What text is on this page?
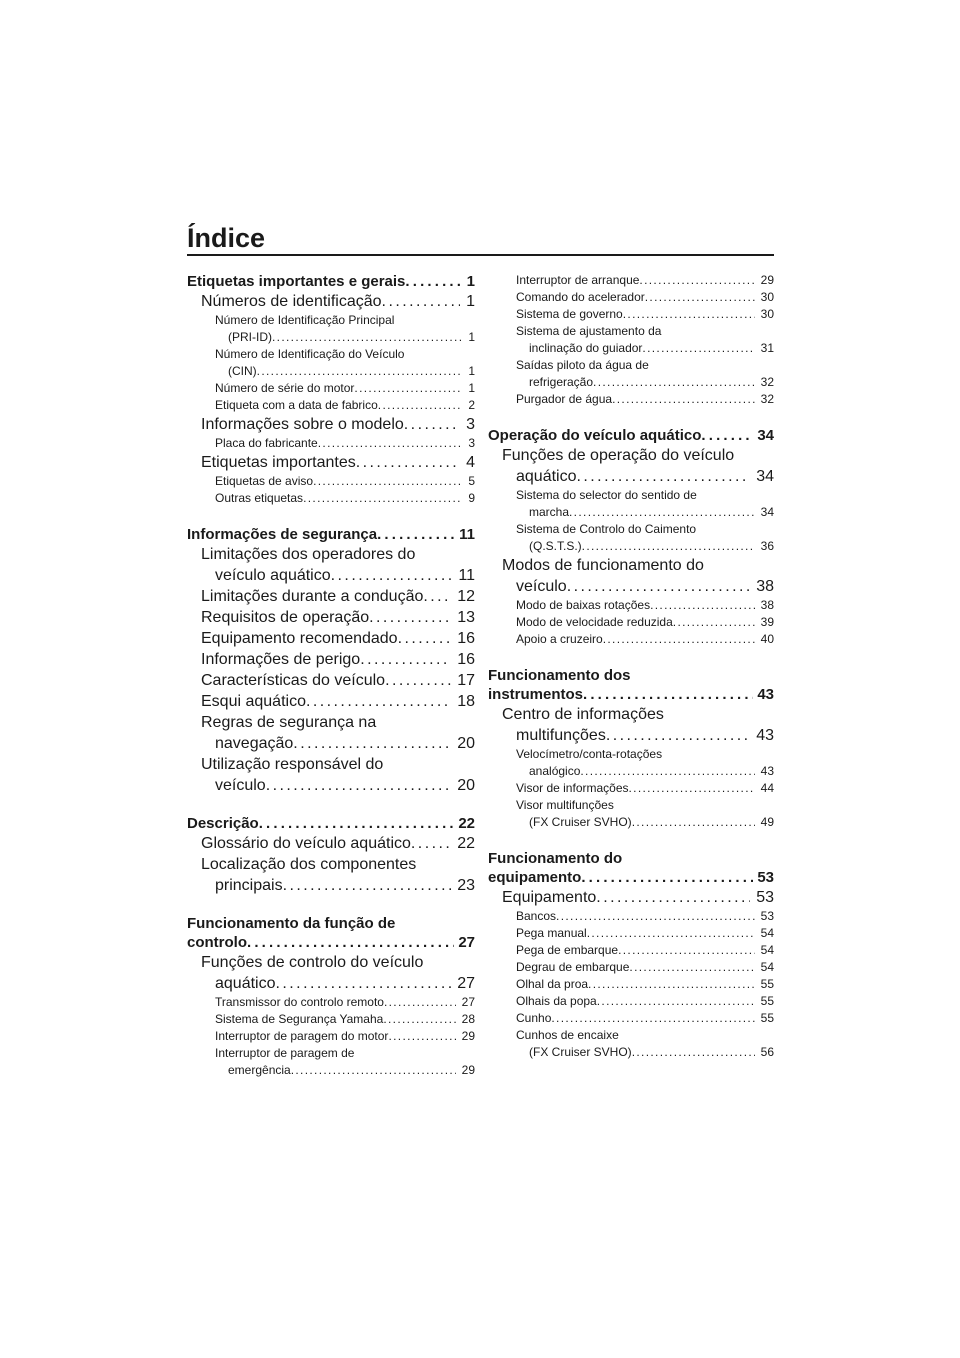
Índice
Etiquetas importantes e gerais . . .	1
Números de identificação . . .	1
Número de Identificação Principal
(PRI-ID) . . .	1
Número de Identificação do Veículo
(CIN) . . .	1
Número de série do motor . . .	1
Etiqueta com a data de fabrico . . .	2
Informações sobre o modelo . . .	3
Placa do fabricante . . .	3
Etiquetas importantes . . .	4
Etiquetas de aviso . . .	5
Outras etiquetas . . .	9
Informações de segurança . . .	11
Limitações dos operadores do
veículo aquático . . .	11
Limitações durante a condução . . .	12
Requisitos de operação . . .	13
Equipamento recomendado . . .	16
Informações de perigo . . .	16
Características do veículo . . .	17
Esqui aquático . . .	18
Regras de segurança na
navegação . . .	20
Utilização responsável do
veículo . . .	20
Descrição . . .	22
Glossário do veículo aquático . . .	22
Localização dos componentes
principais . . .	23
Funcionamento da função de
controlo . . .	27
Funções de controlo do veículo
aquático . . .	27
Transmissor do controlo remoto . . .	27
Sistema de Segurança Yamaha . . .	28
Interruptor de paragem do motor . . .	29
Interruptor de paragem de
emergência . . .	29
Interruptor de arranque . . .	29
Comando do acelerador . . .	30
Sistema de governo . . .	30
Sistema de ajustamento da
inclinação do guiador . . .	31
Saídas piloto da água de
refrigeração . . .	32
Purgador de água . . .	32
Operação do veículo aquático . . .	34
Funções de operação do veículo
aquático . . .	34
Sistema do selector do sentido de
marcha . . .	34
Sistema de Controlo do Caimento
(Q.S.T.S.) . . .	36
Modos de funcionamento do
veículo . . .	38
Modo de baixas rotações . . .	38
Modo de velocidade reduzida . . .	39
Apoio a cruzeiro . . .	40
Funcionamento dos
instrumentos . . .	43
Centro de informações
multifunções . . .	43
Velocímetro/conta-rotações
analógico . . .	43
Visor de informações . . .	44
Visor multifunções
(FX Cruiser SVHO) . . .	49
Funcionamento do
equipamento . . .	53
Equipamento . . .	53
Bancos . . .	53
Pega manual . . .	54
Pega de embarque . . .	54
Degrau de embarque . . .	54
Olhal da proa . . .	55
Olhais da popa . . .	55
Cunho . . .	55
Cunhos de encaixe
(FX Cruiser SVHO) . . .	56
